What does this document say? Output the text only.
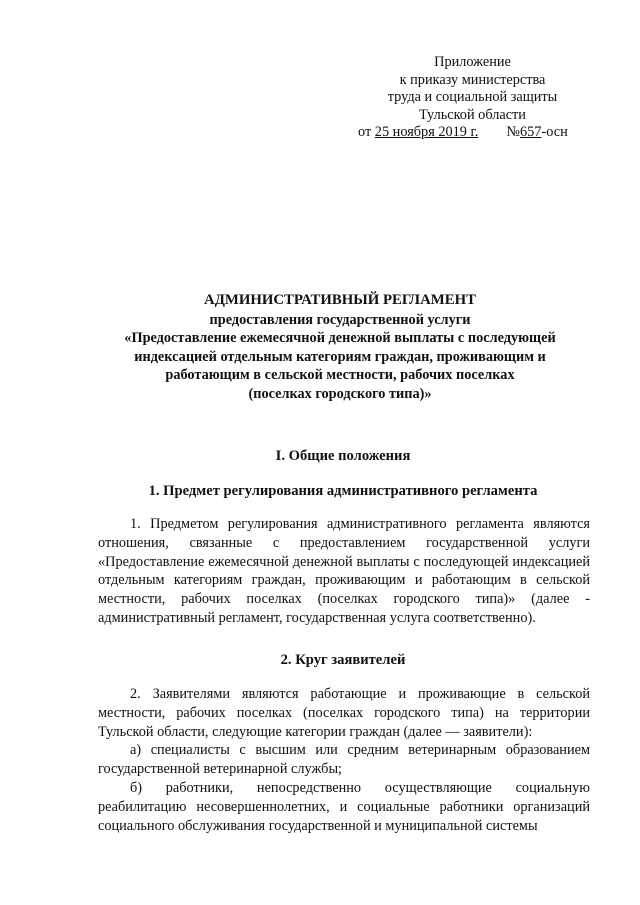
Приложение
к приказу министерства
труда и социальной защиты
Тульской области
от 25 ноября 2019 г. №657-осн
АДМИНИСТРАТИВНЫЙ РЕГЛАМЕНТ
предоставления государственной услуги
«Предоставление ежемесячной денежной выплаты с последующей
индексацией отдельным категориям граждан, проживающим и
работающим в сельской местности, рабочих поселках
(поселках городского типа)»
I. Общие положения
1. Предмет регулирования административного регламента

1. Предметом регулирования административного регламента являются отношения, связанные с предоставлением государственной услуги «Предоставление ежемесячной денежной выплаты с последующей индексацией отдельным категориям граждан, проживающим и работающим в сельской местности, рабочих поселках (поселках городского типа)» (далее - административный регламент, государственная услуга соответственно).

2. Круг заявителей

2. Заявителями являются работающие и проживающие в сельской местности, рабочих поселках (поселках городского типа) на территории Тульской области, следующие категории граждан (далее — заявители):

а) специалисты с высшим или средним ветеринарным образованием государственной ветеринарной службы;

б) работники, непосредственно осуществляющие социальную реабилитацию несовершеннолетних, и социальные работники организаций социального обслуживания государственной и муниципальной системы
